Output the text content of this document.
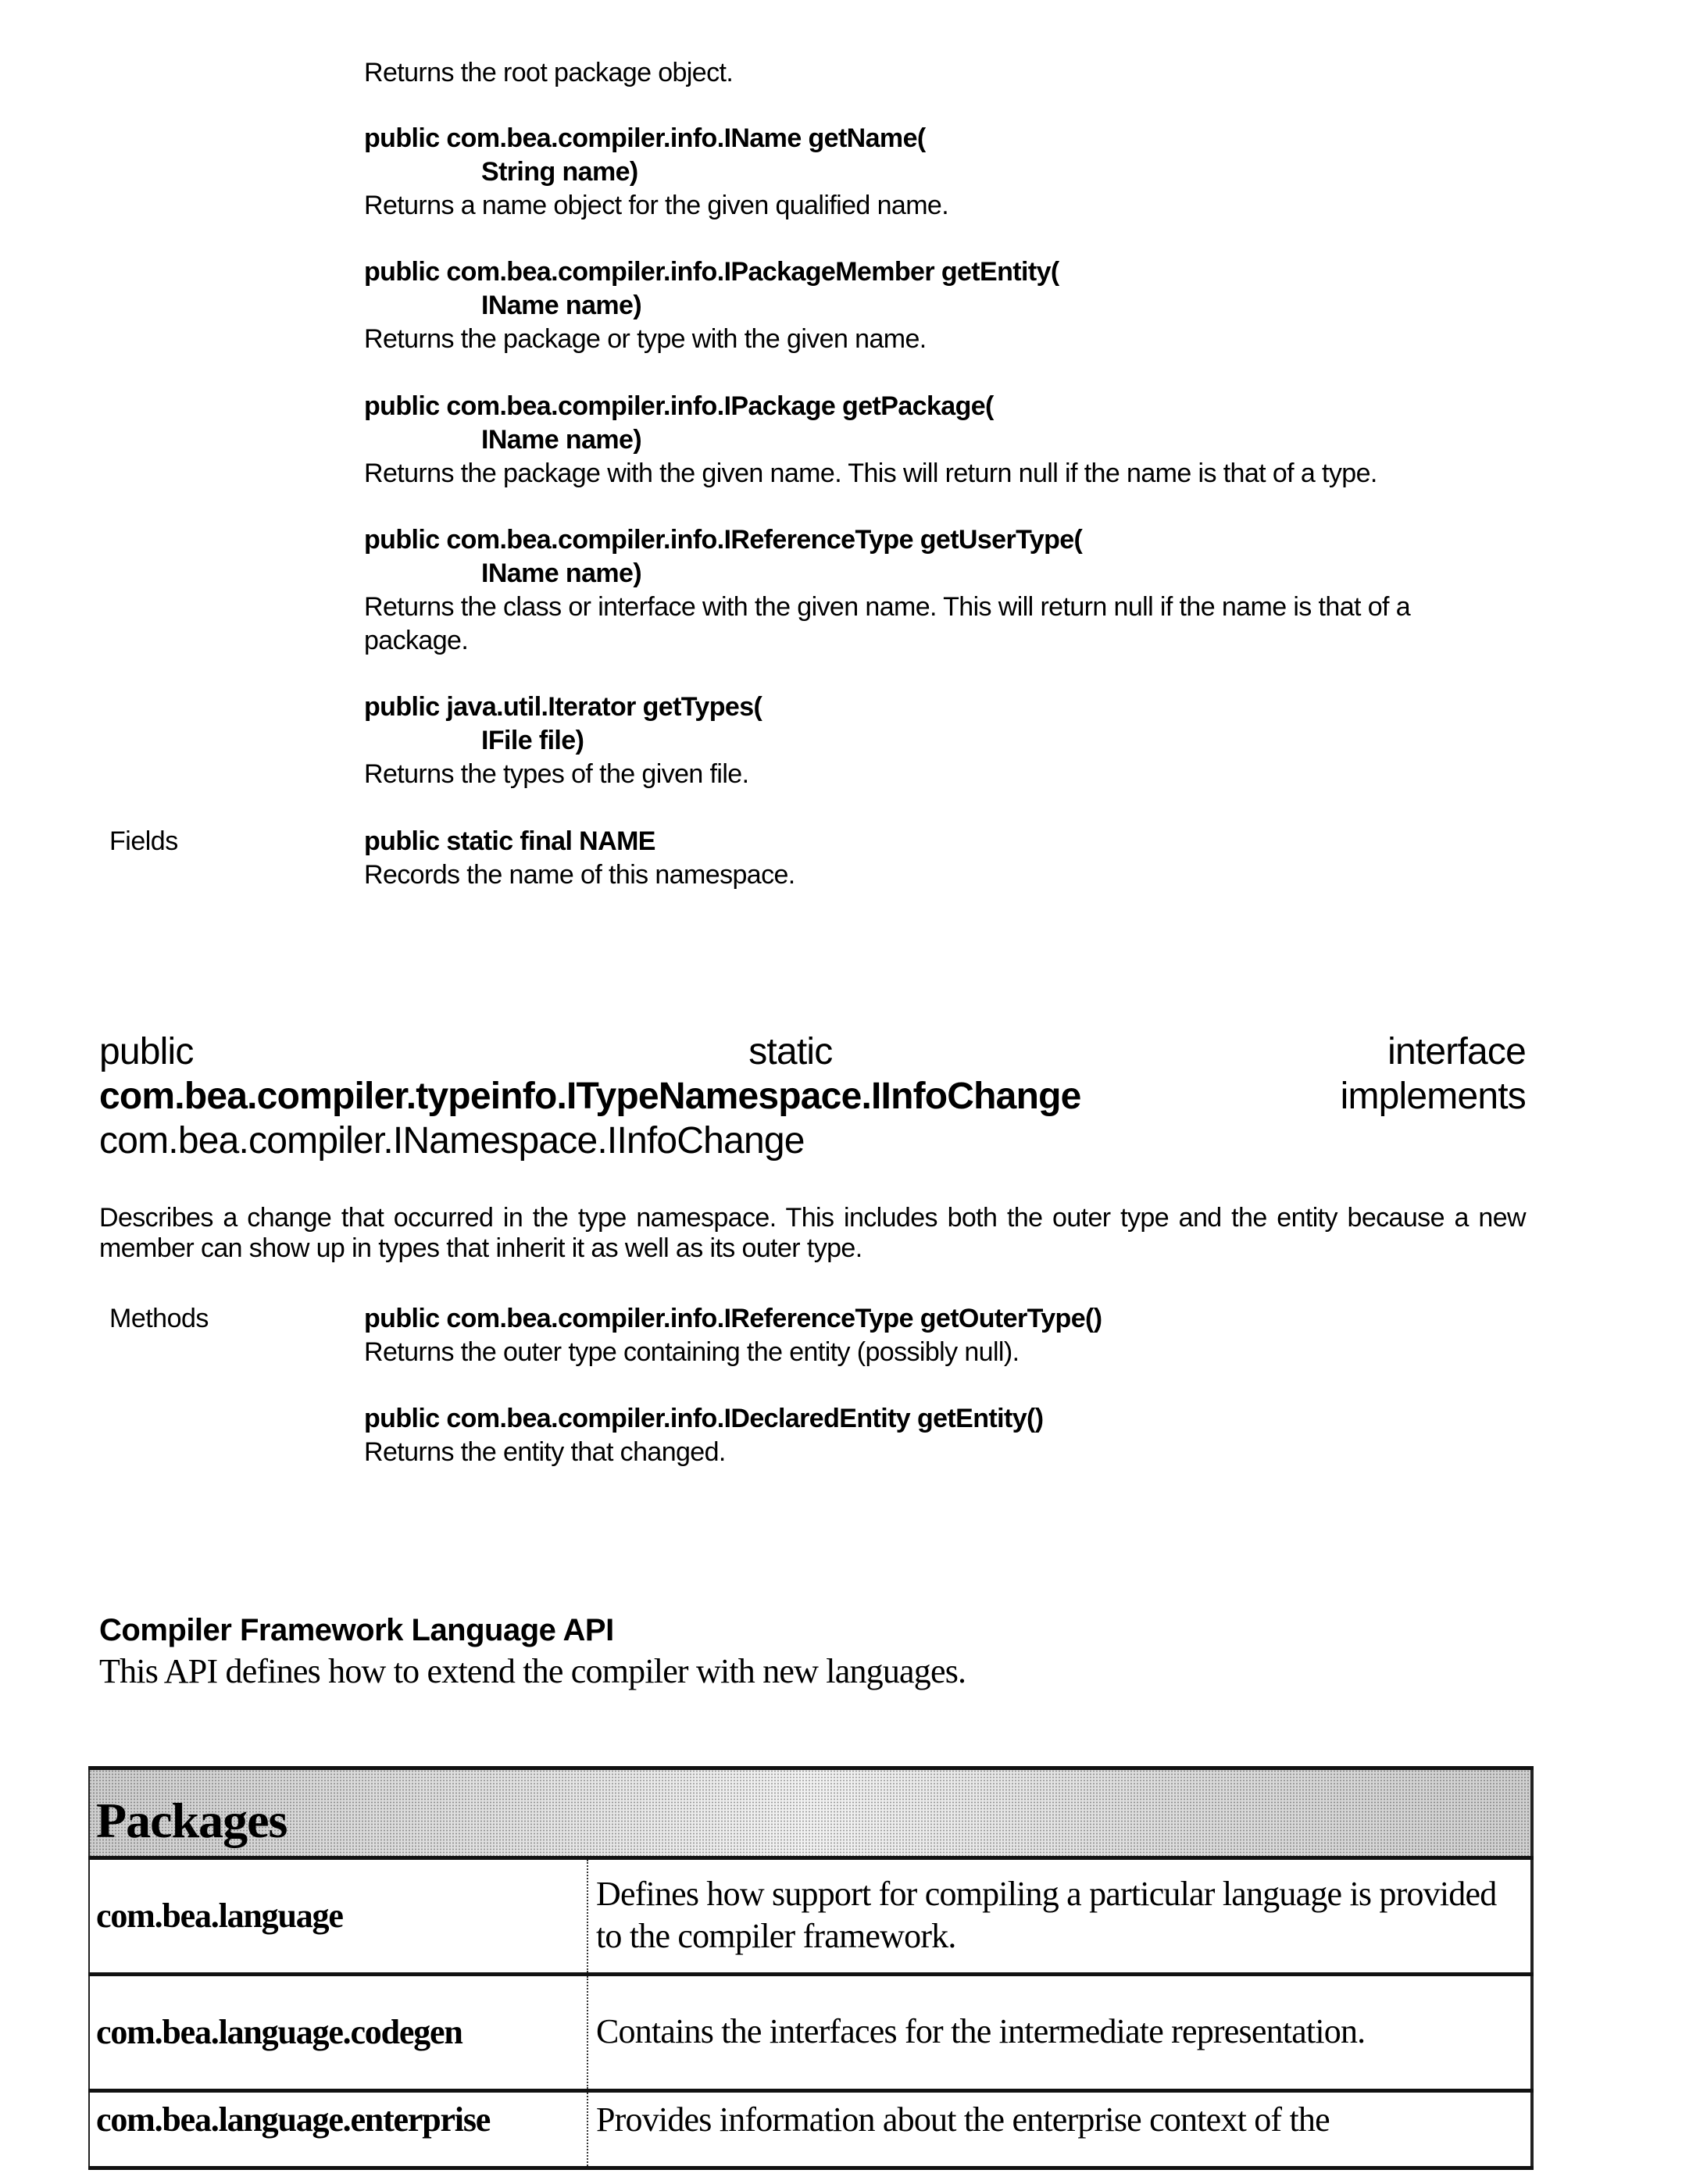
Returns the root package object.
public com.bea.compiler.info.IName getName(
String name)
Returns a name object for the given qualified name.
public com.bea.compiler.info.IPackageMember getEntity(
IName name)
Returns the package or type with the given name.
public com.bea.compiler.info.IPackage getPackage(
IName name)
Returns the package with the given name. This will return null if the name is that of a type.
public com.bea.compiler.info.IReferenceType getUserType(
IName name)
Returns the class or interface with the given name. This will return null if the name is that of a
package.
public java.util.Iterator getTypes(
IFile file)
Returns the types of the given file.
Fields	public static final NAME
Records the name of this namespace.
public	static	interface
com.bea.compiler.typeinfo.ITypeNamespace.IInfoChange	implements
com.bea.compiler.INamespace.IInfoChange
Describes a change that occurred in the type namespace. This includes both the outer type and the entity because a new member can show up in types that inherit it as well as its outer type.
Methods	public com.bea.compiler.info.IReferenceType getOuterType()
Returns the outer type containing the entity (possibly null).
public com.bea.compiler.info.IDeclaredEntity getEntity()
Returns the entity that changed.
Compiler Framework Language API
This API defines how to extend the compiler with new languages.
Packages	
com.bea.language	Defines how support for compiling a particular language is provided to the compiler framework.
com.bea.language.codegen	Contains the interfaces for the intermediate representation.
com.bea.language.enterprise	Provides information about the enterprise context of the
